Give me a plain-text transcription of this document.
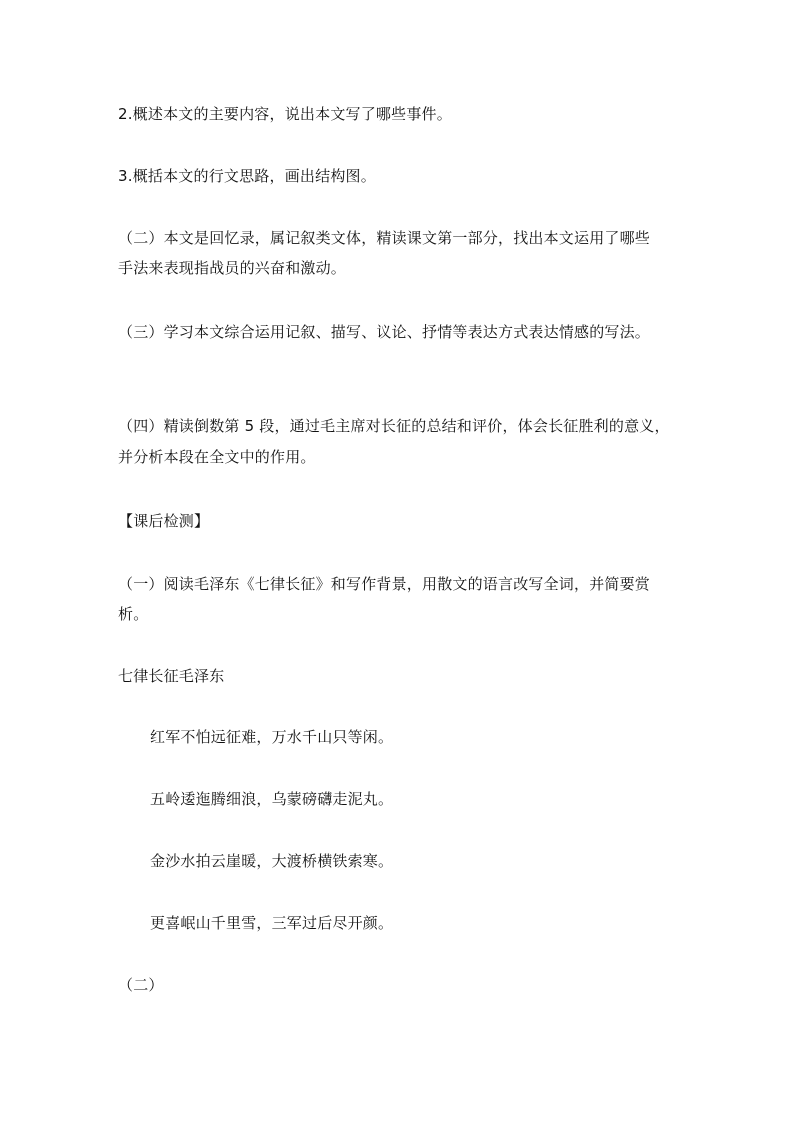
2.概述本文的主要内容，说出本文写了哪些事件。
3.概括本文的行文思路，画出结构图。
（二）本文是回忆录，属记叙类文体，精读课文第一部分，找出本文运用了哪些
手法来表现指战员的兴奋和激动。
（三）学习本文综合运用记叙、描写、议论、抒情等表达方式表达情感的写法。
（四）精读倒数第 5 段，通过毛主席对长征的总结和评价，体会长征胜利的意义，
并分析本段在全文中的作用。
【课后检测】
（一）阅读毛泽东《七律长征》和写作背景，用散文的语言改写全词，并简要赏
析。
七律长征毛泽东
红军不怕远征难，万水千山只等闲。
五岭逶迤腾细浪，乌蒙磅礴走泥丸。
金沙水拍云崖暖，大渡桥横铁索寒。
更喜岷山千里雪，三军过后尽开颜。
（二）
